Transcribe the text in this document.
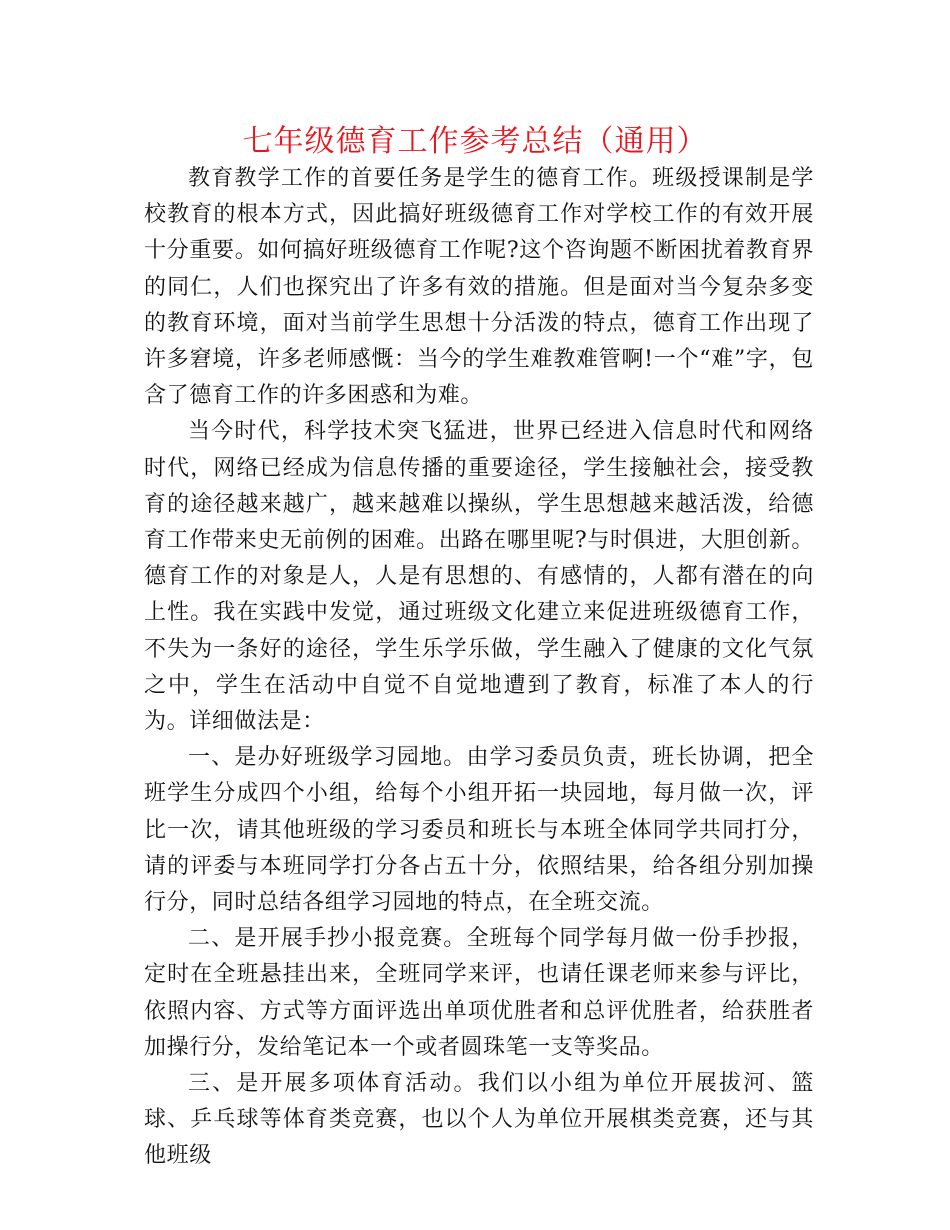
七年级德育工作参考总结（通用）

教育教学工作的首要任务是学生的德育工作。班级授课制是学校教育的根本方式，因此搞好班级德育工作对学校工作的有效开展十分重要。如何搞好班级德育工作呢?这个咨询题不断困扰着教育界的同仁，人们也探究出了许多有效的措施。但是面对当今复杂多变的教育环境，面对当前学生思想十分活泼的特点，德育工作出现了许多窘境，许多老师感慨：当今的学生难教难管啊!一个“难”字，包含了德育工作的许多困惑和为难。

当今时代，科学技术突飞猛进，世界已经进入信息时代和网络时代，网络已经成为信息传播的重要途径，学生接触社会，接受教育的途径越来越广，越来越难以操纵，学生思想越来越活泼，给德育工作带来史无前例的困难。出路在哪里呢?与时俱进，大胆创新。德育工作的对象是人，人是有思想的、有感情的，人都有潜在的向上性。我在实践中发觉，通过班级文化建立来促进班级德育工作，不失为一条好的途径，学生乐学乐做，学生融入了健康的文化气氛之中，学生在活动中自觉不自觉地遭到了教育，标准了本人的行为。详细做法是：

一、是办好班级学习园地。由学习委员负责，班长协调，把全班学生分成四个小组，给每个小组开拓一块园地，每月做一次，评比一次，请其他班级的学习委员和班长与本班全体同学共同打分，请的评委与本班同学打分各占五十分，依照结果，给各组分别加操行分，同时总结各组学习园地的特点，在全班交流。

二、是开展手抄小报竞赛。全班每个同学每月做一份手抄报，定时在全班悬挂出来，全班同学来评，也请任课老师来参与评比，依照内容、方式等方面评选出单项优胜者和总评优胜者，给获胜者加操行分，发给笔记本一个或者圆珠笔一支等奖品。

三、是开展多项体育活动。我们以小组为单位开展拔河、篮球、乒乓球等体育类竞赛，也以个人为单位开展棋类竞赛，还与其他班级
